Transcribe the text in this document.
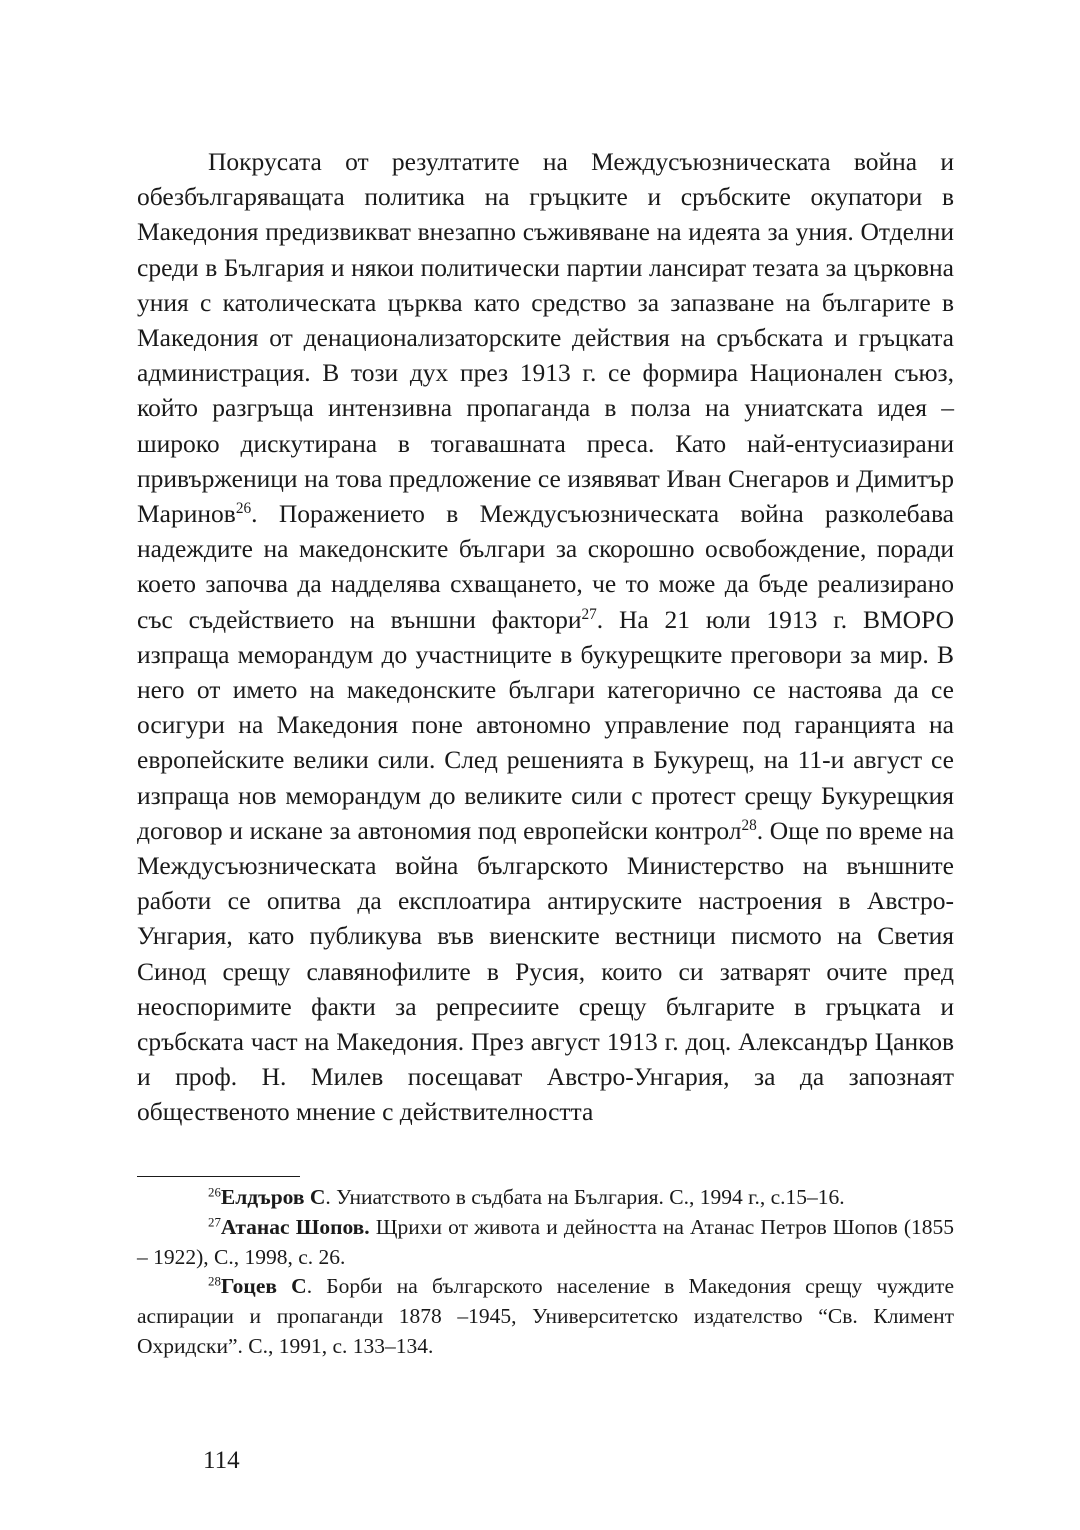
Покрусата от резултатите на Междусъюзническата война и обезбългаряващата политика на гръцките и сръбските окупатори в Македония предизвикват внезапно съживяване на идеята за уния. Отделни среди в България и някои политически партии лансират тезата за църковна уния с католическата църква като средство за запазване на българите в Македония от денационализаторските действия на сръбската и гръцката администрация. В този дух през 1913 г. се формира Национален съюз, който разгръща интензивна пропаганда в полза на униатската идея – широко дискутирана в тогавашната преса. Като най-ентусиазирани привърженици на това предложение се изявяват Иван Снегаров и Димитър Маринов$^{26}$. Поражението в Междусъюзническата война разколебава надеждите на македонските българи за скорошно освобождение, поради което започва да надделява схващането, че то може да бъде реализирано със съдействието на външни фактори$^{27}$. На 21 юли 1913 г. ВМОРО изпраща меморандум до участниците в букурещките преговори за мир. В него от името на македонските българи категорично се настоява да се осигури на Македония поне автономно управление под гаранцията на европейските велики сили. След решенията в Букурещ, на 11-и август се изпраща нов меморандум до великите сили с протест срещу Букурещкия договор и искане за автономия под европейски контрол$^{28}$. Още по време на Междусъюзническата война българското Министерство на външните работи се опитва да експлоатира антируските настроения в Австро-Унгария, като публикува във виенските вестници писмото на Светия Синод срещу славянофилите в Русия, които си затварят очите пред неоспоримите факти за репресиите срещу българите в гръцката и сръбската част на Македония. През август 1913 г. доц. Александър Цанков и проф. Н. Милев посещават Австро-Унгария, за да запознаят общественото мнение с действителността

$^{26}$Елдъров С. Униатството в съдбата на България. С., 1994 г., с.15–16.

$^{27}$Атанас Шопов. Щрихи от живота и дейността на Атанас Петров Шопов (1855 – 1922), С., 1998, с. 26.

$^{28}$Гоцев С. Борби на българското население в Македония срещу чуждите аспирации и пропаганди 1878 –1945, Университетско издателство “Св. Климент Охридски”. С., 1991, с. 133–134.

114
